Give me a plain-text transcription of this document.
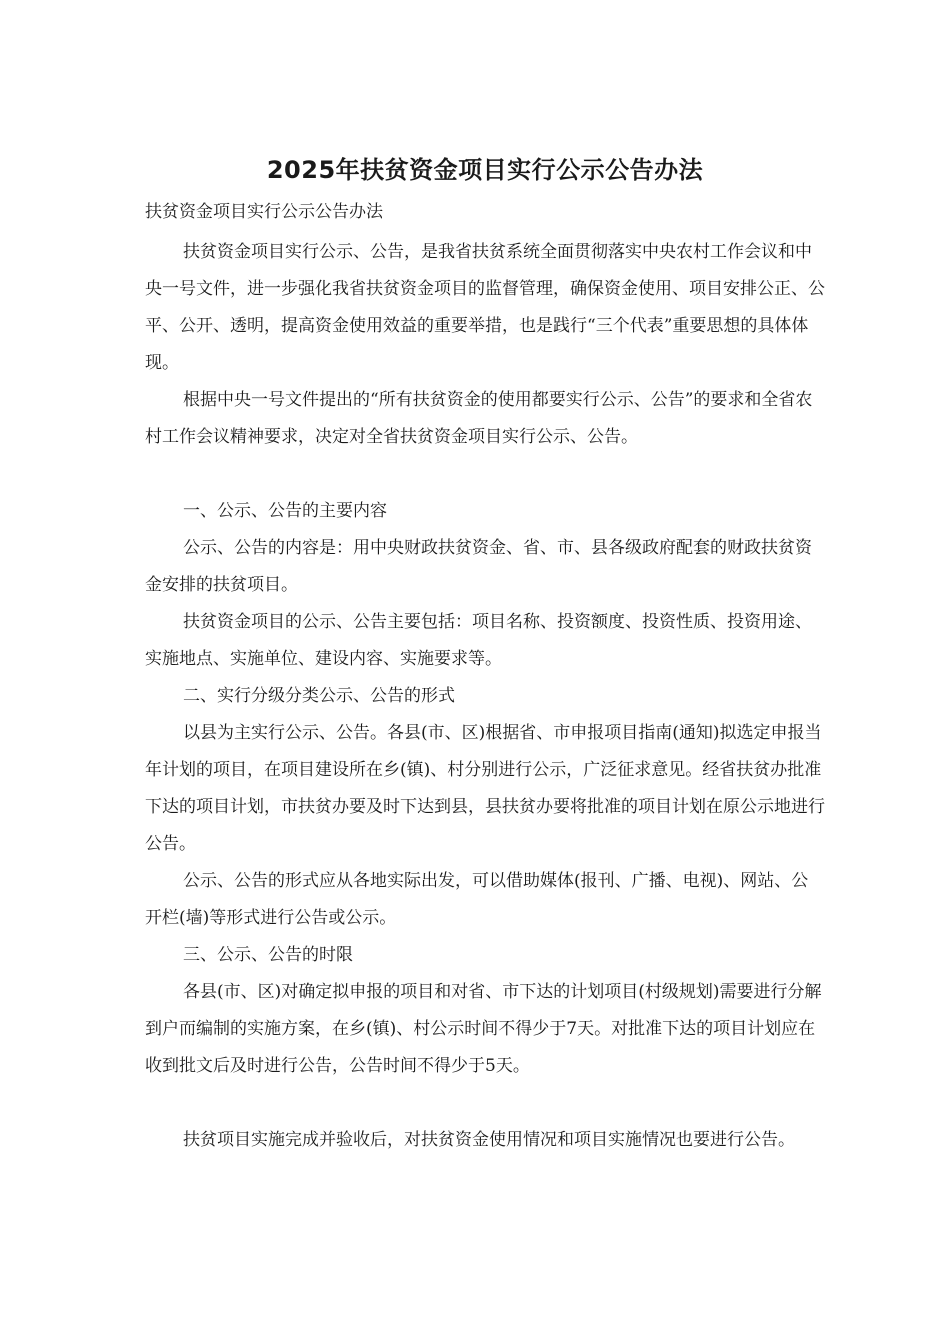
2025年扶贫资金项目实行公示公告办法

扶贫资金项目实行公示公告办法

扶贫资金项目实行公示、公告，是我省扶贫系统全面贯彻落实中央农村工作会议和中央一号文件，进一步强化我省扶贫资金项目的监督管理，确保资金使用、项目安排公正、公平、公开、透明，提高资金使用效益的重要举措，也是践行“三个代表”重要思想的具体体现。

根据中央一号文件提出的“所有扶贫资金的使用都要实行公示、公告”的要求和全省农村工作会议精神要求，决定对全省扶贫资金项目实行公示、公告。

一、公示、公告的主要内容

公示、公告的内容是：用中央财政扶贫资金、省、市、县各级政府配套的财政扶贫资金安排的扶贫项目。

扶贫资金项目的公示、公告主要包括：项目名称、投资额度、投资性质、投资用途、实施地点、实施单位、建设内容、实施要求等。

二、实行分级分类公示、公告的形式

以县为主实行公示、公告。各县(市、区)根据省、市申报项目指南(通知)拟选定申报当年计划的项目，在项目建设所在乡(镇)、村分别进行公示，广泛征求意见。经省扶贫办批准下达的项目计划，市扶贫办要及时下达到县，县扶贫办要将批准的项目计划在原公示地进行公告。

公示、公告的形式应从各地实际出发，可以借助媒体(报刊、广播、电视)、网站、公开栏(墙)等形式进行公告或公示。

三、公示、公告的时限

各县(市、区)对确定拟申报的项目和对省、市下达的计划项目(村级规划)需要进行分解到户而编制的实施方案，在乡(镇)、村公示时间不得少于7天。对批准下达的项目计划应在收到批文后及时进行公告，公告时间不得少于5天。

扶贫项目实施完成并验收后，对扶贫资金使用情况和项目实施情况也要进行公告。
